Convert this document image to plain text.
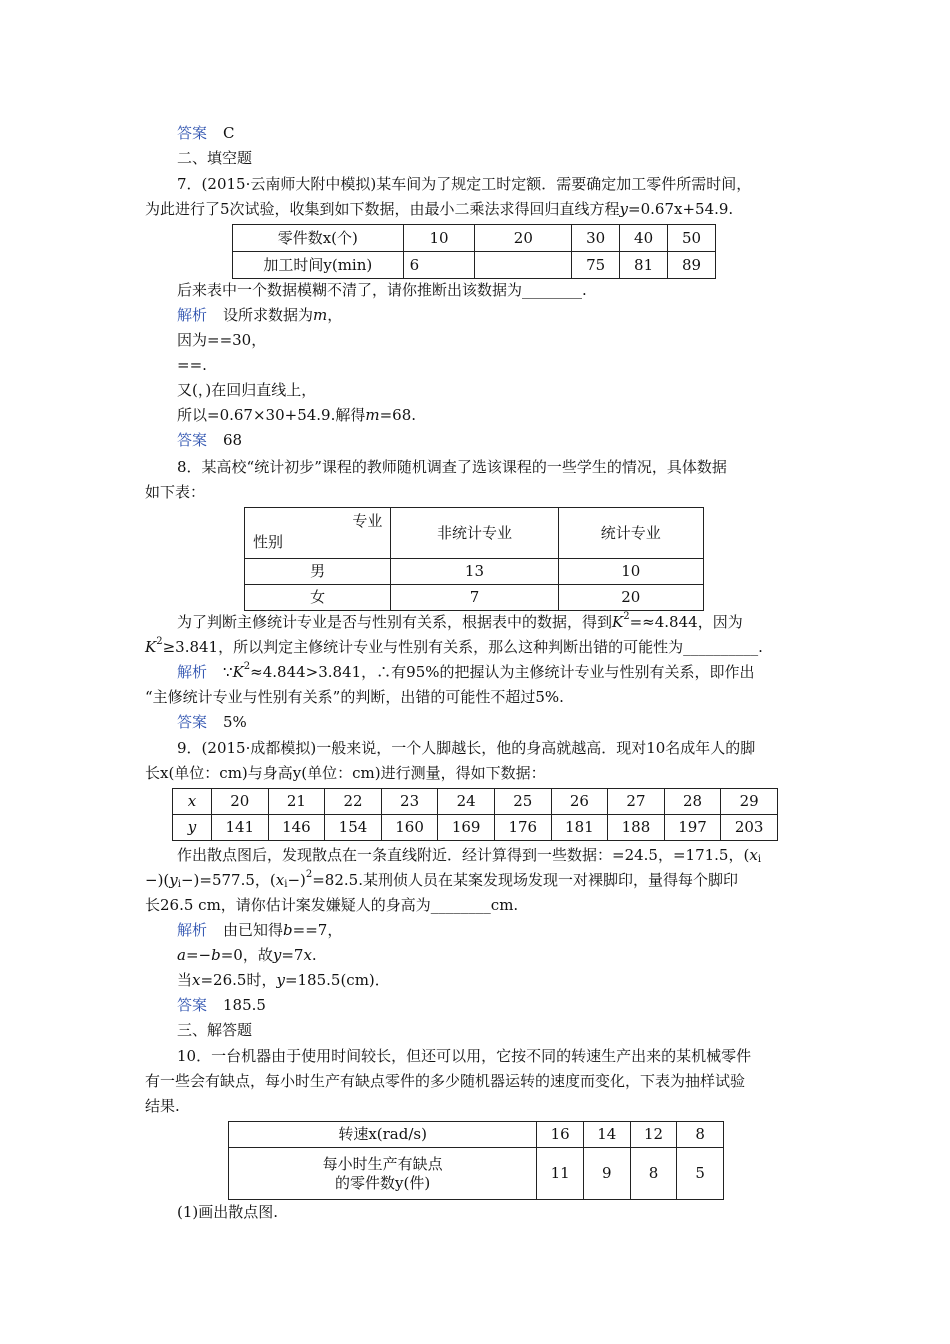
答案 C
二、填空题
7．(2015·云南师大附中模拟)某车间为了规定工时定额．需要确定加工零件所需时间，
为此进行了5次试验，收集到如下数据，由最小二乘法求得回归直线方程y=0.67x+54.9.
零件数x(个)	10	20	30	40	50
加工时间y(min)	6		75	81	89
后来表中一个数据模糊不清了，请你推断出该数据为________.
解析 设所求数据为m，
因为==30，
==.
又(，)在回归直线上，
所以=0.67×30+54.9.解得m=68.
答案 68
8．某高校“统计初步”课程的教师随机调查了选该课程的一些学生的情况，具体数据
如下表：
专业
性别	非统计专业	统计专业
男	13	10
女	7	20
为了判断主修统计专业是否与性别有关系，根据表中的数据，得到$K^2=\approx 4.844$，因为
$K^2\ge 3.841$，所以判定主修统计专业与性别有关系，那么这种判断出错的可能性为__________.
解析 $\because K^2\approx 4.844>3.841$，∴有95%的把握认为主修统计专业与性别有关系，即作出
“主修统计专业与性别有关系”的判断，出错的可能性不超过5%.
答案 5%
9．(2015·成都模拟)一般来说，一个人脚越长，他的身高就越高．现对10名成年人的脚
长x(单位：cm)与身高y(单位：cm)进行测量，得如下数据：
x	20	21	22	23	24	25	26	27	28	29
y	141	146	154	160	169	176	181	188	197	203
作出散点图后，发现散点在一条直线附近．经计算得到一些数据：=24.5，=171.5，(xi
−)(yi−)=577.5，$(xi-)^2=82.5$.某刑侦人员在某案发现场发现一对裸脚印，量得每个脚印
长26.5 cm，请你估计案发嫌疑人的身高为________cm.
解析 由已知得b==7，
a=−b=0，故y=7x.
当x=26.5时，y=185.5(cm)．
答案 185.5
三、解答题
10．一台机器由于使用时间较长，但还可以用，它按不同的转速生产出来的某机械零件
有一些会有缺点，每小时生产有缺点零件的多少随机器运转的速度而变化，下表为抽样试验
结果.
转速x(rad/s)	16	14	12	8

每小时生产有缺点
的零件数y(件)	11	9	8	5
(1)画出散点图.
